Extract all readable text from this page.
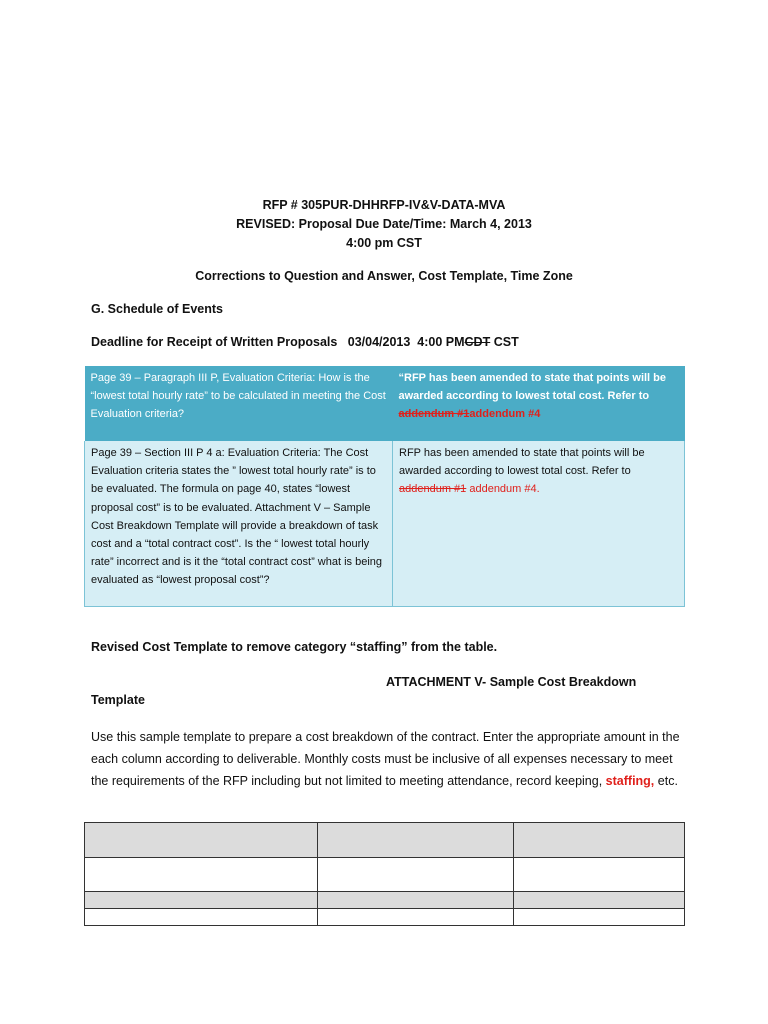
RFP # 305PUR-DHHRFP-IV&V-DATA-MVA
REVISED: Proposal Due Date/Time: March 4, 2013
4:00 pm CST
Corrections to Question and Answer, Cost Template, Time Zone
G. Schedule of Events
Deadline for Receipt of Written Proposals 03/04/2013 4:00 PMCDT CST
Page 39 – Paragraph III P, Evaluation Criteria: How is the “lowest total hourly rate” to be calculated in meeting the Cost Evaluation criteria?	“RFP has been amended to state that points will be awarded according to lowest total cost. Refer to addendum #1addendum #4
Page 39 – Section III P 4 a: Evaluation Criteria: The Cost Evaluation criteria states the ” lowest total hourly rate” is to be evaluated. The formula on page 40, states “lowest proposal cost” is to be evaluated. Attachment V – Sample Cost Breakdown Template will provide a breakdown of task cost and a “total contract cost”. Is the “ lowest total hourly rate” incorrect and is it the “total contract cost” what is being evaluated as “lowest proposal cost”?	RFP has been amended to state that points will be awarded according to lowest total cost. Refer to addendum #1 addendum #4.
Revised Cost Template to remove category “staffing” from the table.
ATTACHMENT V- Sample Cost Breakdown
Template
Use this sample template to prepare a cost breakdown of the contract. Enter the appropriate amount in the each column according to deliverable. Monthly costs must be inclusive of all expenses necessary to meet the requirements of the RFP including but not limited to meeting attendance, record keeping, staffing, etc.
